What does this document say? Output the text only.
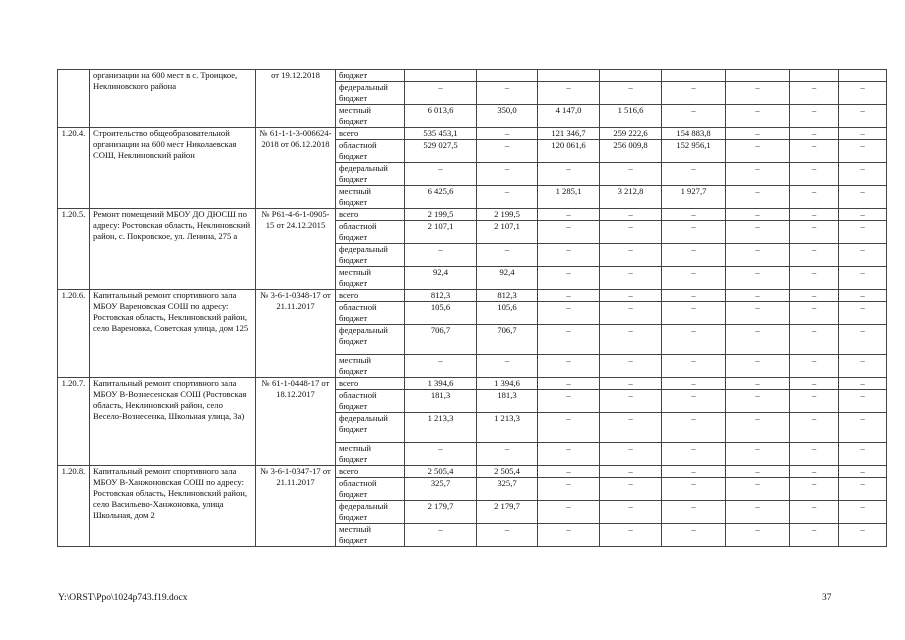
	организации на 600 мест в с. Троицкое, Неклиновского района	от 19.12.2018	бюджет								
			федеральный бюджет	–	–	–	–	–	–	–	–
			местный бюджет	6 013,6	350,0	4 147,0	1 516,6	–	–	–	–
1.20.4.	Строительство общеобразовательной организации на 600 мест Николаевская СОШ, Неклиновский район	№ 61-1-1-3-006624-2018 от 06.12.2018	всего	535 453,1	–	121 346,7	259 222,6	154 883,8	–	–	–
			областной бюджет	529 027,5	–	120 061,6	256 009,8	152 956,1	–	–	–
			федеральный бюджет	–	–	–	–	–	–	–	–
			местный бюджет	6 425,6	–	1 285,1	3 212,8	1 927,7	–	–	–
1.20.5.	Ремонт помещений МБОУ ДО ДЮСШ по адресу: Ростовская область, Неклиновский район, с. Покровское, ул. Ленина, 275 а	№ Р61-4-6-1-0905-15 от 24.12.2015	всего	2 199,5	2 199,5	–	–	–	–	–	–
			областной бюджет	2 107,1	2 107,1	–	–	–	–	–	–
			федеральный бюджет	–	–	–	–	–	–	–	–
			местный бюджет	92,4	92,4	–	–	–	–	–	–
1.20.6.	Капитальный ремонт спортивного зала МБОУ Вареновская СОШ по адресу: Ростовская область, Неклиновский район, село Вареновка, Советская улица, дом 125	№ 3-6-1-0348-17 от 21.11.2017	всего	812,3	812,3	–	–	–	–	–	–
			областной бюджет	105,6	105,6	–	–	–	–	–	–
			федеральный бюджет	706,7	706,7	–	–	–	–	–	–
			местный бюджет	–	–	–	–	–	–	–	–
1.20.7.	Капитальный ремонт спортивного зала МБОУ В-Вознесенская СОШ (Ростовская область, Неклиновский район, село Весело-Вознесенка, Школьная улица, 3а)	№ 61-1-0448-17 от 18.12.2017	всего	1 394,6	1 394,6	–	–	–	–	–	–
			областной бюджет	181,3	181,3	–	–	–	–	–	–
			федеральный бюджет	1 213,3	1 213,3	–	–	–	–	–	–
			местный бюджет	–	–	–	–	–	–	–	–
1.20.8.	Капитальный ремонт спортивного зала МБОУ В-Ханжоновская СОШ по адресу: Ростовская область, Неклиновский район, село Васильево-Ханжоновка, улица Школьная, дом 2	№ 3-6-1-0347-17 от 21.11.2017	всего	2 505,4	2 505,4	–	–	–	–	–	–
			областной бюджет	325,7	325,7	–	–	–	–	–	–
			федеральный бюджет	2 179,7	2 179,7	–	–	–	–	–	–
			местный бюджет	–	–	–	–	–	–	–	–
Y:\ORST\Ppo\1024p743.f19.docx	37
